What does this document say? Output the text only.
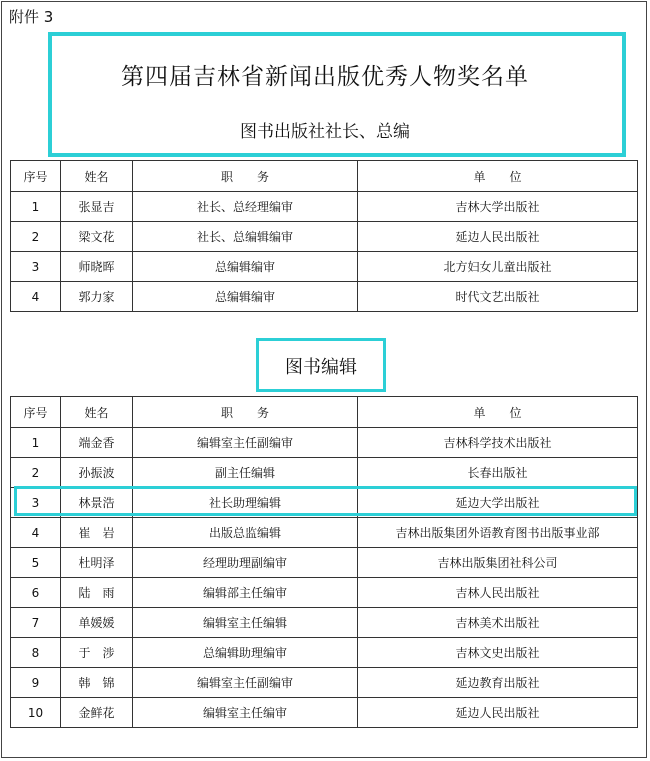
附件 3
第四届吉林省新闻出版优秀人物奖名单
图书出版社社长、总编
序号	姓名	职　　务	单　　位
1	张显吉	社长、总经理编审	吉林大学出版社
2	梁文花	社长、总编辑编审	延边人民出版社
3	师晓晖	总编辑编审	北方妇女儿童出版社
4	郭力家	总编辑编审	时代文艺出版社
图书编辑
序号	姓名	职　　务	单　　位
1	端金香	编辑室主任副编审	吉林科学技术出版社
2	孙振波	副主任编辑	长春出版社
3	林景浩	社长助理编辑	延边大学出版社
4	崔　岩	出版总监编辑	吉林出版集团外语教育图书出版事业部
5	杜明泽	经理助理副编审	吉林出版集团社科公司
6	陆　雨	编辑部主任编审	吉林人民出版社
7	单媛媛	编辑室主任编辑	吉林美术出版社
8	于　涉	总编辑助理编审	吉林文史出版社
9	韩　锦	编辑室主任副编审	延边教育出版社
10	金鲜花	编辑室主任编审	延边人民出版社
